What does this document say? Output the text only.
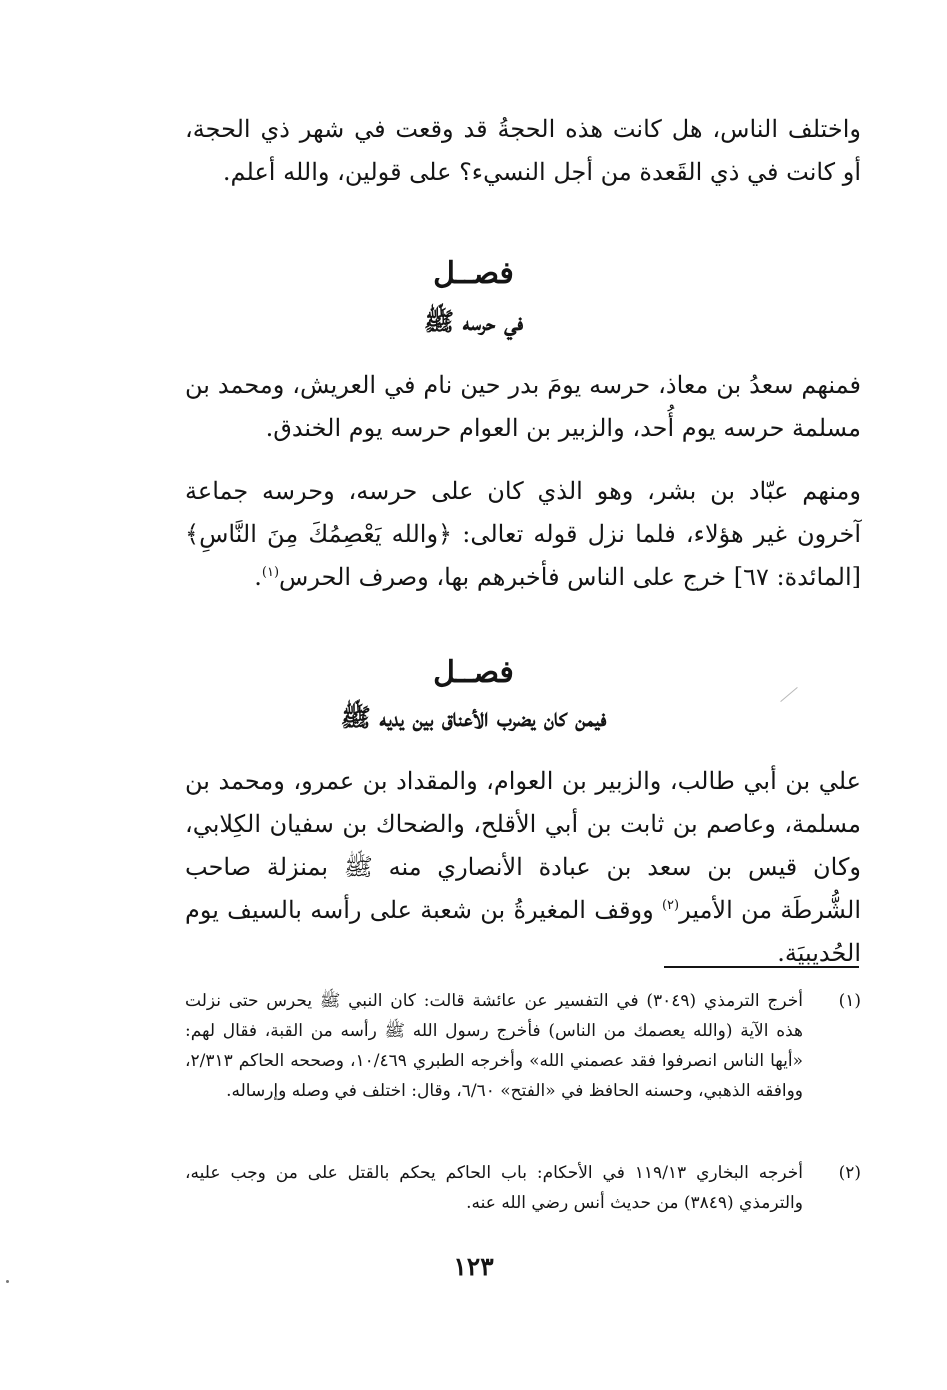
واختلف الناس، هل كانت هذه الحجةُ قد وقعت في شهر ذي الحجة، أو كانت في ذي القَعدة من أجل النسيء؟ على قولين، والله أعلم.

فصــل
في حرسه ﷺ

فمنهم سعدُ بن معاذ، حرسه يومَ بدر حين نام في العريش، ومحمد بن مسلمة حرسه يوم أُحد، والزبير بن العوام حرسه يوم الخندق.

ومنهم عبّاد بن بشر، وهو الذي كان على حرسه، وحرسه جماعة آخرون غير هؤلاء، فلما نزل قوله تعالى: ﴿والله يَعْصِمُكَ مِنَ النَّاسِ﴾ [المائدة: ٦٧] خرج على الناس فأخبرهم بها، وصرف الحرس$^{(١)}$.

فصــل
فيمن كان يضرب الأعناق بين يديه ﷺ

علي بن أبي طالب، والزبير بن العوام، والمقداد بن عمرو، ومحمد بن مسلمة، وعاصم بن ثابت بن أبي الأقلح، والضحاك بن سفيان الكِلابي، وكان قيس بن سعد بن عبادة الأنصاري منه ﷺ بمنزلة صاحب الشُّرطَة من الأمير$^{(٢)}$ ووقف المغيرةُ بن شعبة على رأسه بالسيف يوم الحُديبيَة.

(١)
أخرج الترمذي (٣٠٤٩) في التفسير عن عائشة قالت: كان النبي ﷺ يحرس حتى نزلت هذه الآية (والله يعصمك من الناس) فأخرج رسول الله ﷺ رأسه من القبة، فقال لهم: «أيها الناس انصرفوا فقد عصمني الله» وأخرجه الطبري ١٠/٤٦٩، وصححه الحاكم ٢/٣١٣، ووافقه الذهبي، وحسنه الحافظ في «الفتح» ٦/٦٠، وقال: اختلف في وصله وإرساله.
(٢)
أخرجه البخاري ١١٩/١٣ في الأحكام: باب الحاكم يحكم بالقتل على من وجب عليه، والترمذي (٣٨٤٩) من حديث أنس رضي الله عنه.
١٢٣
